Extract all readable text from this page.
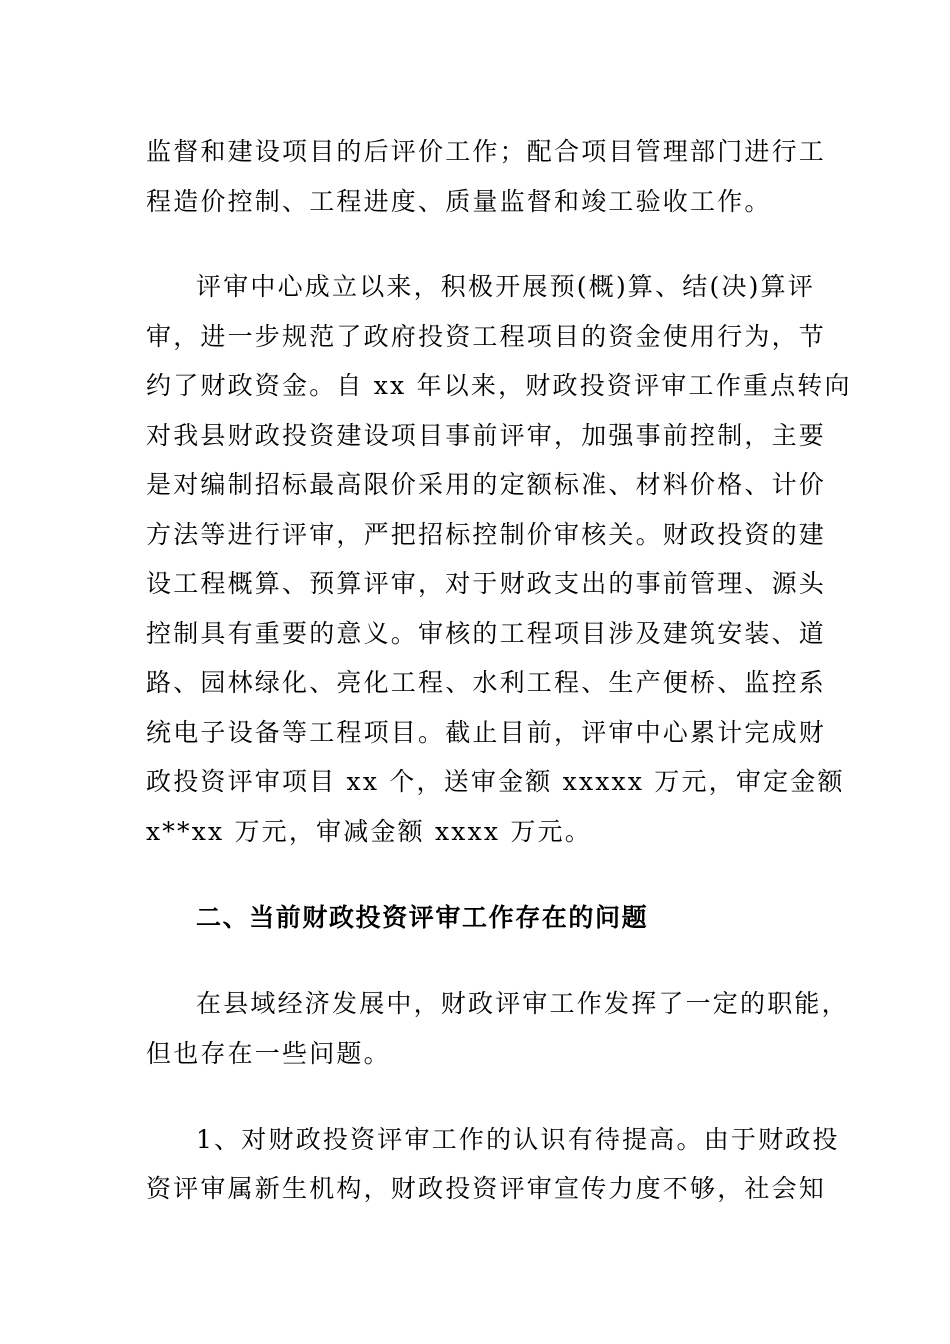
监督和建设项目的后评价工作；配合项目管理部门进行工
程造价控制、工程进度、质量监督和竣工验收工作。
评审中心成立以来，积极开展预(概)算、结(决)算评
审，进一步规范了政府投资工程项目的资金使用行为，节
约了财政资金。自 xx 年以来，财政投资评审工作重点转向
对我县财政投资建设项目事前评审，加强事前控制，主要
是对编制招标最高限价采用的定额标准、材料价格、计价
方法等进行评审，严把招标控制价审核关。财政投资的建
设工程概算、预算评审，对于财政支出的事前管理、源头
控制具有重要的意义。审核的工程项目涉及建筑安装、道
路、园林绿化、亮化工程、水利工程、生产便桥、监控系
统电子设备等工程项目。截止目前，评审中心累计完成财
政投资评审项目 xx 个，送审金额 xxxxx 万元，审定金额
x**xx 万元，审减金额 xxxx 万元。
二、当前财政投资评审工作存在的问题
在县域经济发展中，财政评审工作发挥了一定的职能，
但也存在一些问题。
1、对财政投资评审工作的认识有待提高。由于财政投
资评审属新生机构，财政投资评审宣传力度不够，社会知
